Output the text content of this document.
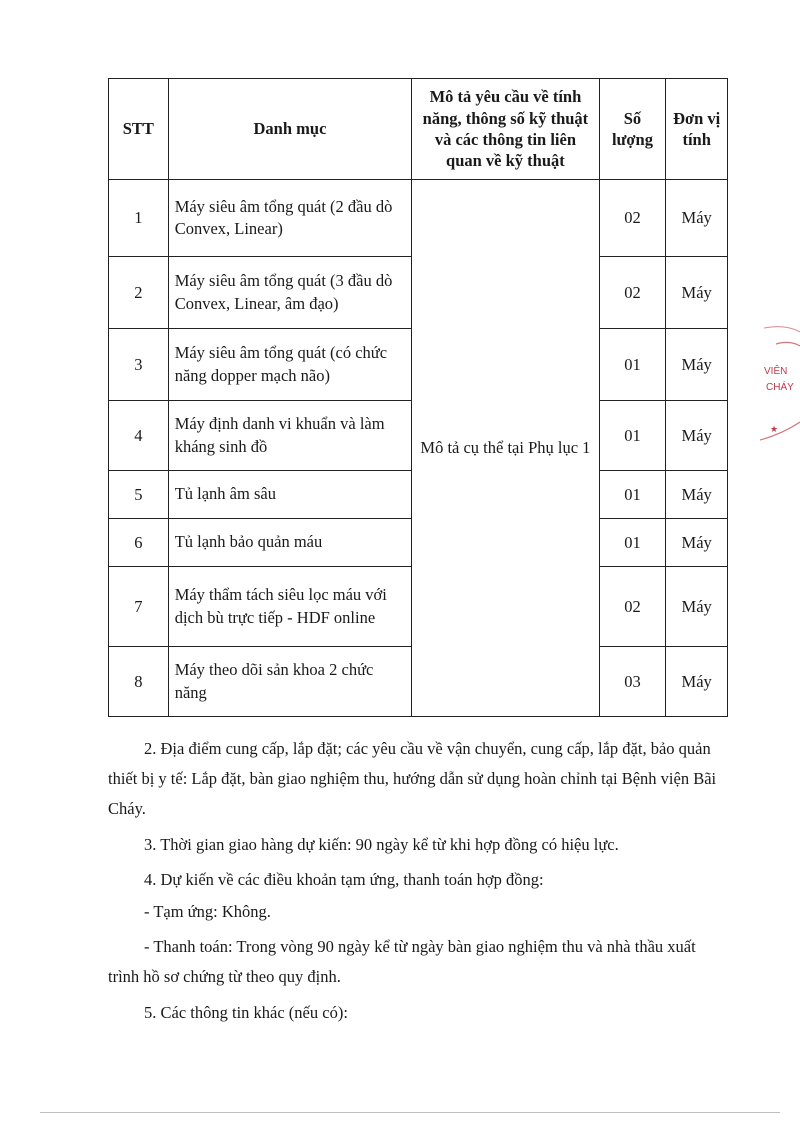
STT	Danh mục	Mô tả yêu cầu về tính năng, thông số kỹ thuật và các thông tin liên quan về kỹ thuật	Số lượng	Đơn vị tính
1	Máy siêu âm tổng quát (2 đầu dò Convex, Linear)	Mô tả cụ thể tại Phụ lục 1	02	Máy
2	Máy siêu âm tổng quát (3 đầu dò Convex, Linear, âm đạo)		02	Máy
3	Máy siêu âm tổng quát (có chức năng dopper mạch não)		01	Máy
4	Máy định danh vi khuẩn và làm kháng sinh đồ		01	Máy
5	Tủ lạnh âm sâu		01	Máy
6	Tủ lạnh bảo quản máu		01	Máy
7	Máy thẩm tách siêu lọc máu với dịch bù trực tiếp - HDF online		02	Máy
8	Máy theo dõi sản khoa 2 chức năng		03	Máy
2. Địa điểm cung cấp, lắp đặt; các yêu cầu về vận chuyển, cung cấp, lắp đặt, bảo quản thiết bị y tế: Lắp đặt, bàn giao nghiệm thu, hướng dẫn sử dụng hoàn chỉnh tại Bệnh viện Bãi Cháy.
3. Thời gian giao hàng dự kiến: 90 ngày kể từ khi hợp đồng có hiệu lực.
4. Dự kiến về các điều khoản tạm ứng, thanh toán hợp đồng:
- Tạm ứng: Không.
- Thanh toán: Trong vòng 90 ngày kể từ ngày bàn giao nghiệm thu và nhà thầu xuất trình hồ sơ chứng từ theo quy định.
5. Các thông tin khác (nếu có):
★
VIÊN
CHÁY
